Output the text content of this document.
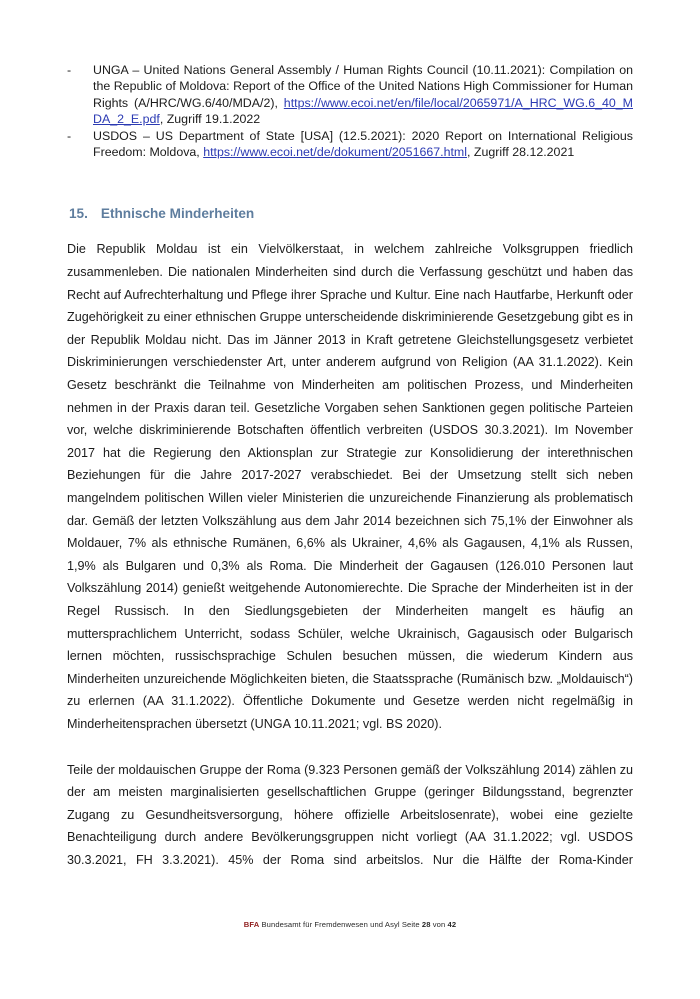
-	UNGA – United Nations General Assembly / Human Rights Council (10.11.2021): Compilation on the Republic of Moldova: Report of the Office of the United Nations High Commissioner for Human Rights (A/HRC/WG.6/40/MDA/2), https://www.ecoi.net/en/file/local/2065971/A_HRC_WG.6_40_MDA_2_E.pdf, Zugriff 19.1.2022
-	USDOS – US Department of State [USA] (12.5.2021): 2020 Report on International Religious Freedom: Moldova, https://www.ecoi.net/de/dokument/2051667.html, Zugriff 28.12.2021
15. Ethnische Minderheiten

Die Republik Moldau ist ein Vielvölkerstaat, in welchem zahlreiche Volksgruppen friedlich zusammenleben. Die nationalen Minderheiten sind durch die Verfassung geschützt und haben das Recht auf Aufrechterhaltung und Pflege ihrer Sprache und Kultur. Eine nach Hautfarbe, Herkunft oder Zugehörigkeit zu einer ethnischen Gruppe unterscheidende diskriminierende Gesetzgebung gibt es in der Republik Moldau nicht. Das im Jänner 2013 in Kraft getretene Gleichstellungsgesetz verbietet Diskriminierungen verschiedenster Art, unter anderem aufgrund von Religion (AA 31.1.2022). Kein Gesetz beschränkt die Teilnahme von Minderheiten am politischen Prozess, und Minderheiten nehmen in der Praxis daran teil. Gesetzliche Vorgaben sehen Sanktionen gegen politische Parteien vor, welche diskriminierende Botschaften öffentlich verbreiten (USDOS 30.3.2021). Im November 2017 hat die Regierung den Aktionsplan zur Strategie zur Konsolidierung der interethnischen Beziehungen für die Jahre 2017-2027 verabschiedet. Bei der Umsetzung stellt sich neben mangelndem politischen Willen vieler Ministerien die unzureichende Finanzierung als problematisch dar. Gemäß der letzten Volkszählung aus dem Jahr 2014 bezeichnen sich 75,1% der Einwohner als Moldauer, 7% als ethnische Rumänen, 6,6% als Ukrainer, 4,6% als Gagausen, 4,1% als Russen, 1,9% als Bulgaren und 0,3% als Roma. Die Minderheit der Gagausen (126.010 Personen laut Volkszählung 2014) genießt weitgehende Autonomierechte. Die Sprache der Minderheiten ist in der Regel Russisch. In den Siedlungsgebieten der Minderheiten mangelt es häufig an muttersprachlichem Unterricht, sodass Schüler, welche Ukrainisch, Gagausisch oder Bulgarisch lernen möchten, russischsprachige Schulen besuchen müssen, die wiederum Kindern aus Minderheiten unzureichende Möglichkeiten bieten, die Staatssprache (Rumänisch bzw. „Moldauisch“) zu erlernen (AA 31.1.2022). Öffentliche Dokumente und Gesetze werden nicht regelmäßig in Minderheitensprachen übersetzt (UNGA 10.11.2021; vgl. BS 2020).

Teile der moldauischen Gruppe der Roma (9.323 Personen gemäß der Volkszählung 2014) zählen zu der am meisten marginalisierten gesellschaftlichen Gruppe (geringer Bildungsstand, begrenzter Zugang zu Gesundheitsversorgung, höhere offizielle Arbeitslosenrate), wobei eine gezielte Benachteiligung durch andere Bevölkerungsgruppen nicht vorliegt (AA 31.1.2022; vgl. USDOS 30.3.2021, FH 3.3.2021). 45% der Roma sind arbeitslos. Nur die Hälfte der Roma-Kinder

BFA Bundesamt für Fremdenwesen und Asyl Seite 28 von 42
